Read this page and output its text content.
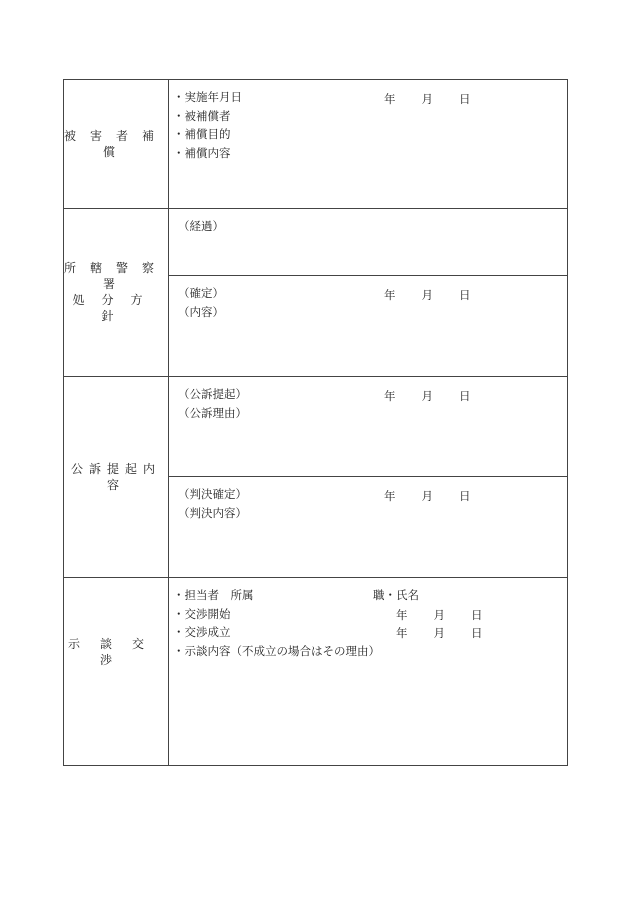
被害者補償
・実施年月日
・被補償者
・補償目的
・補償内容
年 月 日
所轄警察署
処分方針
（経過）
（確定）
（内容）
年 月 日
公訴提起内容
（公訴提起）
（公訴理由）
年 月 日
（判決確定）
（判決内容）
年 月 日
示談交渉
・担当者　所属
・交渉開始
・交渉成立
・示談内容（不成立の場合はその理由）
職・氏名
年 月 日
年 月 日
